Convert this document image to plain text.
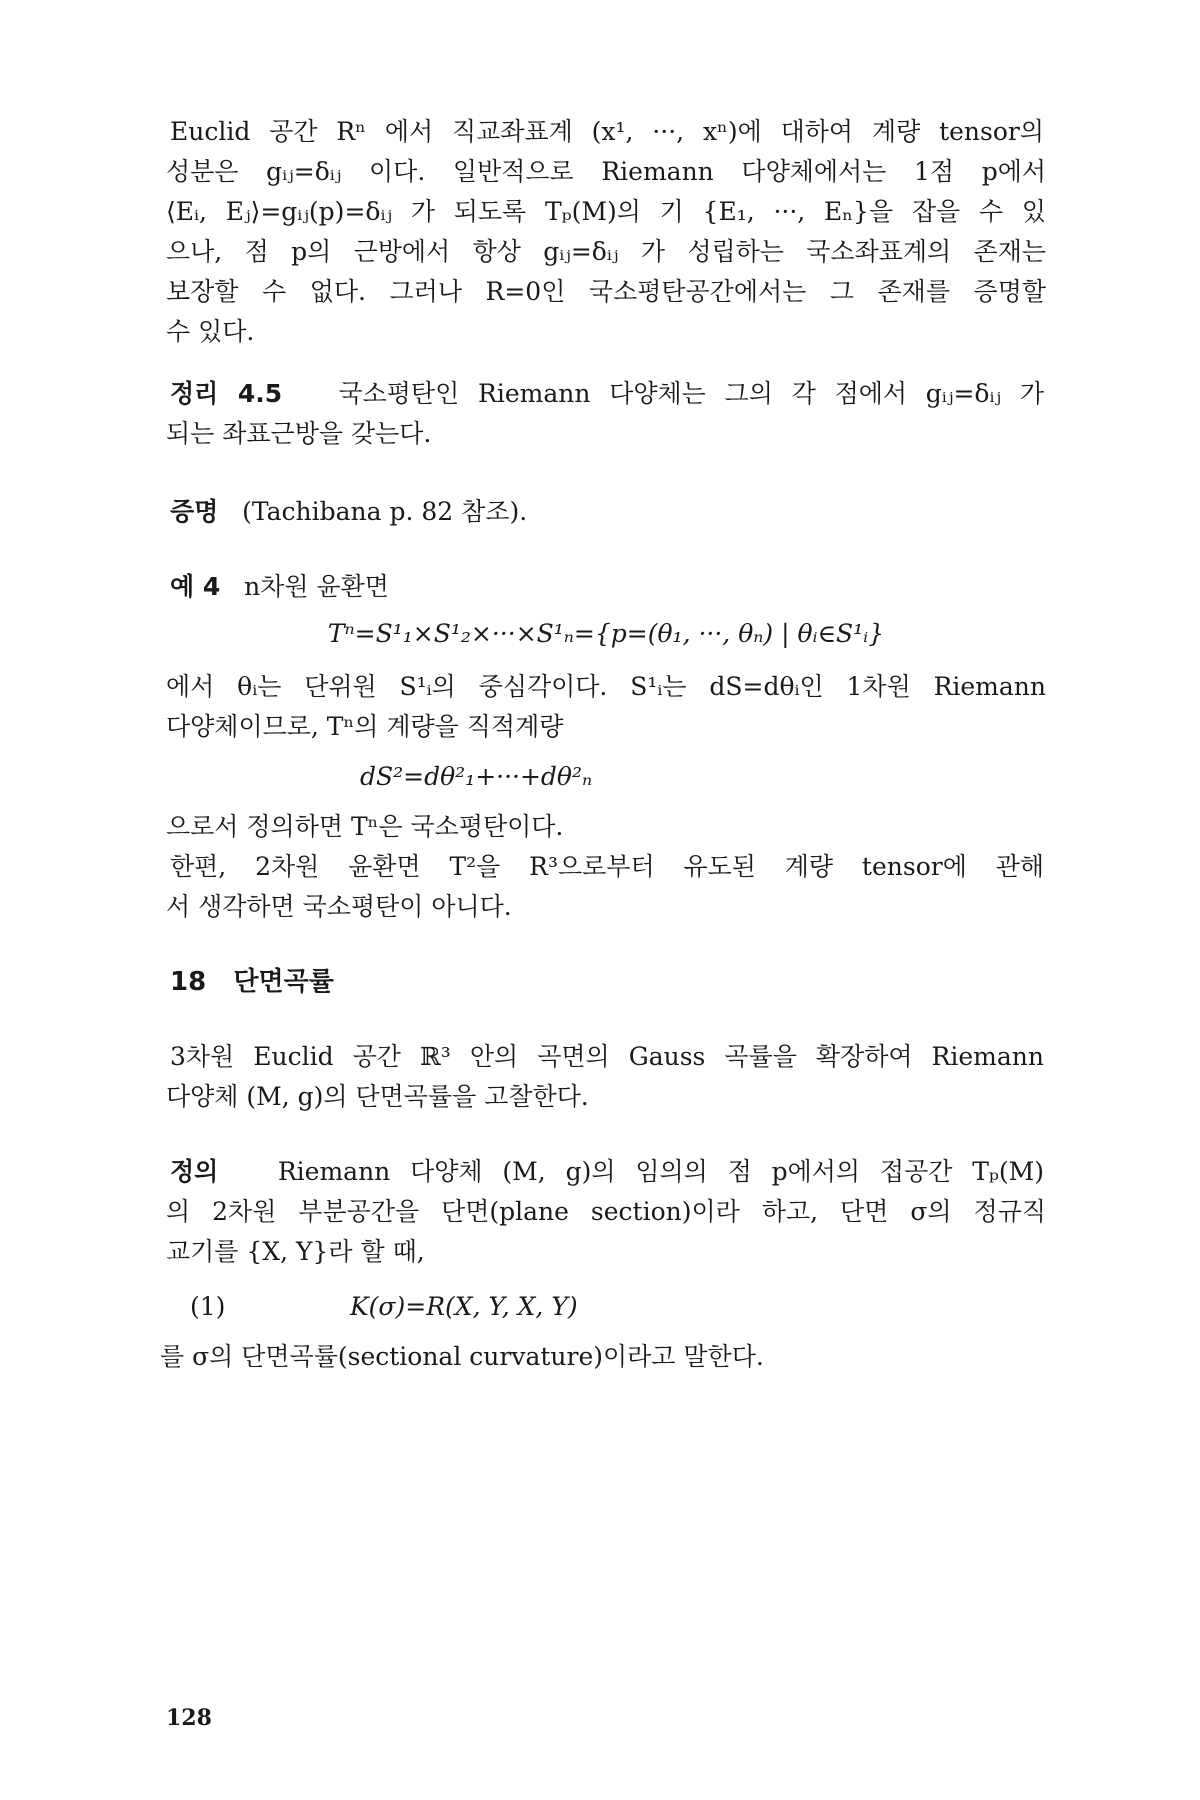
Euclid 공간 Rⁿ 에서 직교좌표계 (x¹, ···, xⁿ)에 대하여 계량 tensor의

성분은 gᵢⱼ=δᵢⱼ 이다. 일반적으로 Riemann 다양체에서는 1점 p에서

⟨Eᵢ, Eⱼ⟩=gᵢⱼ(p)=δᵢⱼ 가 되도록 Tₚ(M)의 기 {E₁, ···, Eₙ}을 잡을 수 있

으나, 점 p의 근방에서 항상 gᵢⱼ=δᵢⱼ 가 성립하는 국소좌표계의 존재는

보장할 수 없다. 그러나 R=0인 국소평탄공간에서는 그 존재를 증명할

수 있다.

정리 4.5 국소평탄인 Riemann 다양체는 그의 각 점에서 gᵢⱼ=δᵢⱼ 가

되는 좌표근방을 갖는다.

증명 (Tachibana p. 82 참조).
예 4 n차원 윤환면

Tⁿ=S¹₁×S¹₂×···×S¹ₙ={p=(θ₁, ···, θₙ) | θᵢ∈S¹ᵢ}

에서 θᵢ는 단위원 S¹ᵢ의 중심각이다. S¹ᵢ는 dS=dθᵢ인 1차원 Riemann

다양체이므로, Tⁿ의 계량을 직적계량

dS²=dθ²₁+···+dθ²ₙ

으로서 정의하면 Tⁿ은 국소평탄이다.

한편, 2차원 윤환면 T²을 R³으로부터 유도된 계량 tensor에 관해

서 생각하면 국소평탄이 아니다.

18 단면곡률

3차원 Euclid 공간 ℝ³ 안의 곡면의 Gauss 곡률을 확장하여 Riemann

다양체 (M, g)의 단면곡률을 고찰한다.

정의 Riemann 다양체 (M, g)의 임의의 점 p에서의 접공간 Tₚ(M)

의 2차원 부분공간을 단면(plane section)이라 하고, 단면 σ의 정규직

교기를 {X, Y}라 할 때,

(1)	K(σ)=R(X, Y, X, Y)

를 σ의 단면곡률(sectional curvature)이라고 말한다.

128
